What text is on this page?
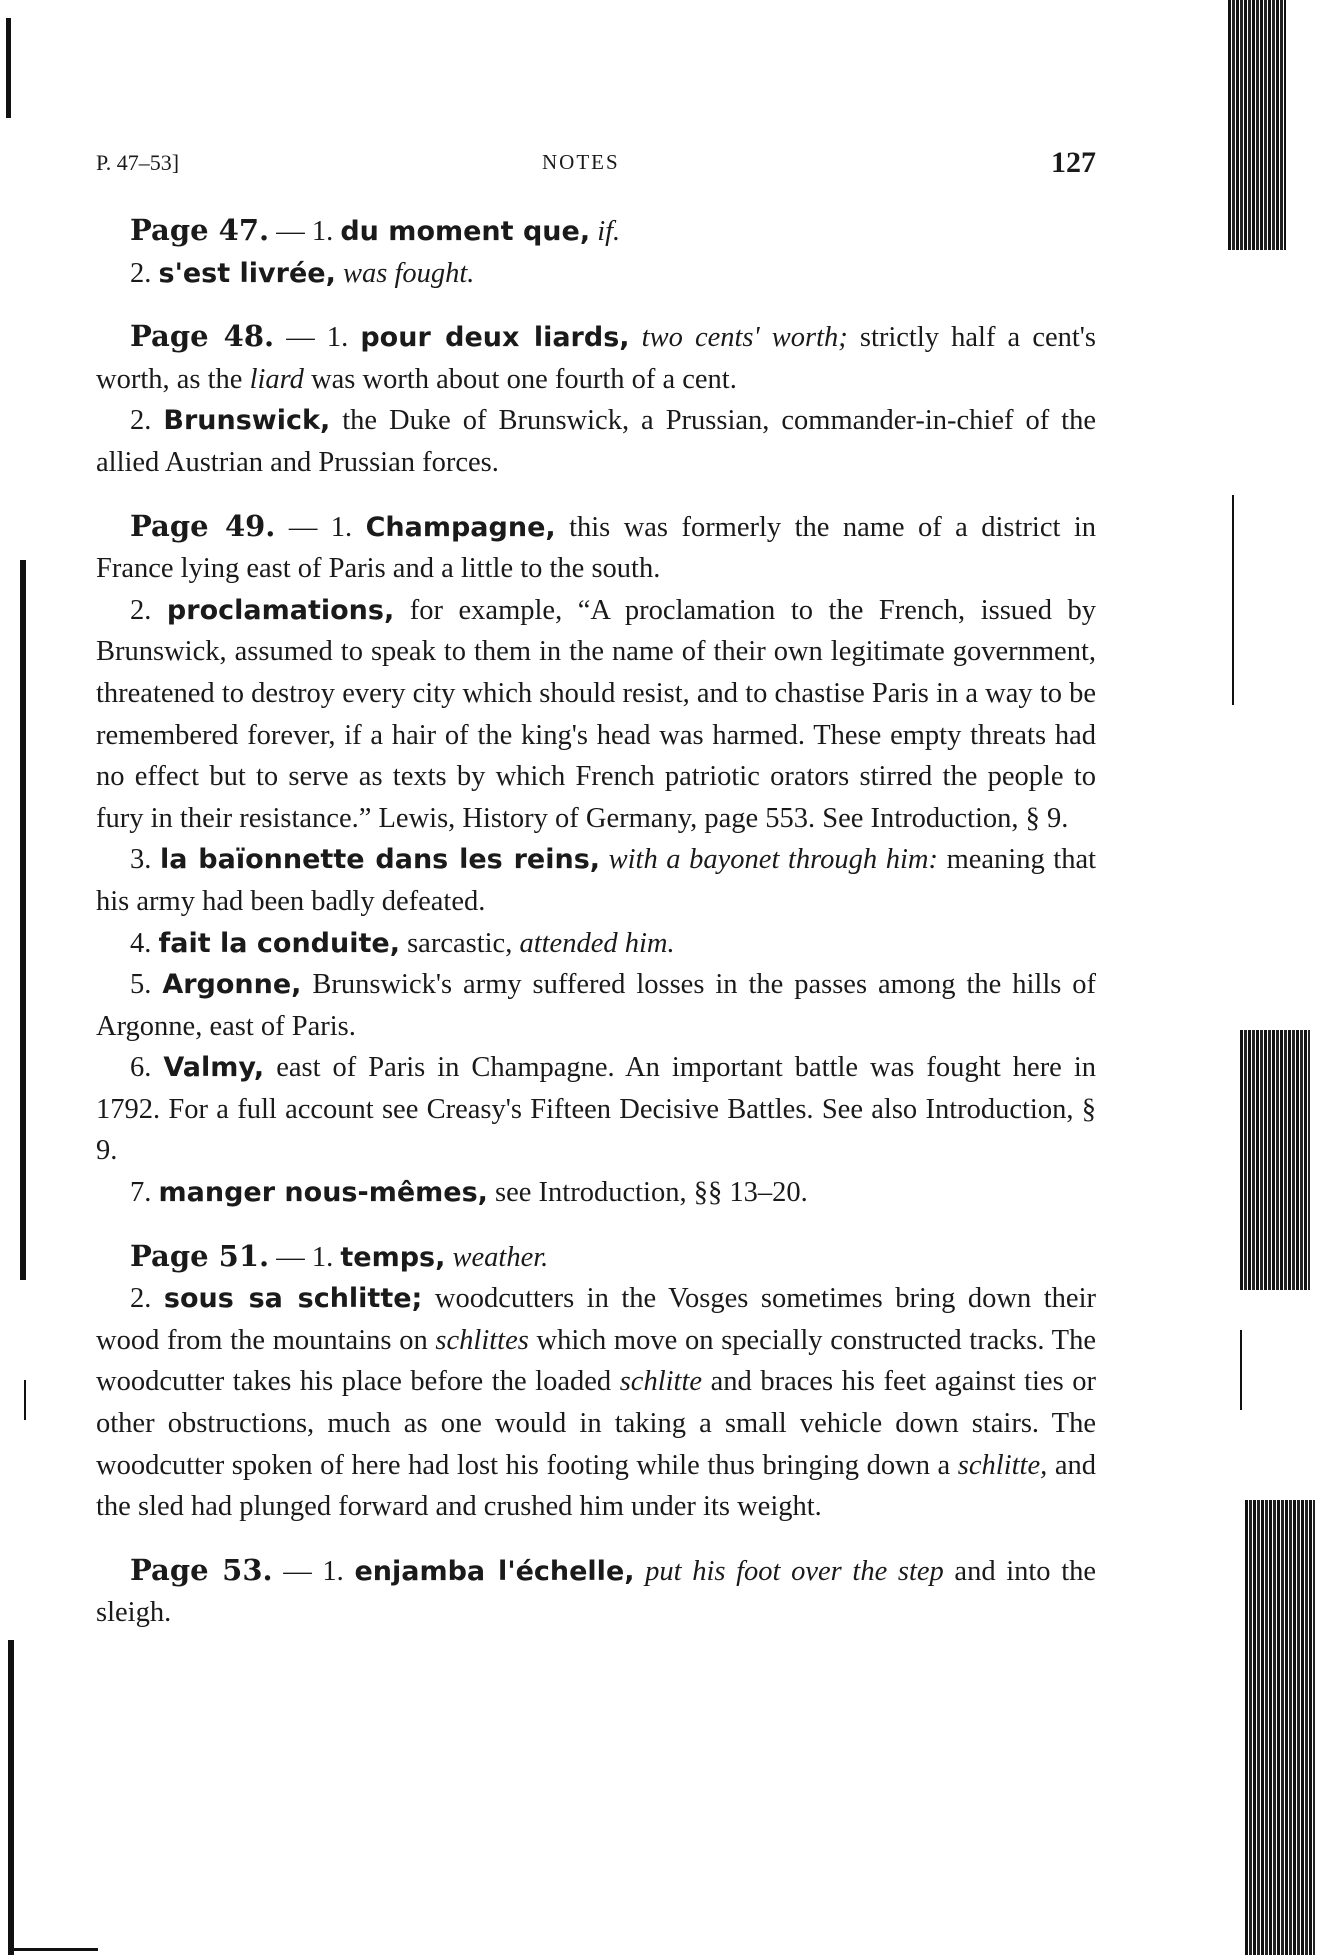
P. 47–53]	NOTES	127

Page 47. — 1. du moment que, if.

2. s'est livrée, was fought.

Page 48. — 1. pour deux liards, two cents' worth; strictly half a cent's worth, as the liard was worth about one fourth of a cent.

2. Brunswick, the Duke of Brunswick, a Prussian, commander-in-chief of the allied Austrian and Prussian forces.

Page 49. — 1. Champagne, this was formerly the name of a district in France lying east of Paris and a little to the south.

2. proclamations, for example, “A proclamation to the French, issued by Brunswick, assumed to speak to them in the name of their own legitimate government, threatened to destroy every city which should resist, and to chastise Paris in a way to be remembered forever, if a hair of the king's head was harmed. These empty threats had no effect but to serve as texts by which French patriotic orators stirred the people to fury in their resistance.” Lewis, History of Germany, page 553. See Introduction, § 9.

3. la baïonnette dans les reins, with a bayonet through him: meaning that his army had been badly defeated.

4. fait la conduite, sarcastic, attended him.

5. Argonne, Brunswick's army suffered losses in the passes among the hills of Argonne, east of Paris.

6. Valmy, east of Paris in Champagne. An important battle was fought here in 1792. For a full account see Creasy's Fifteen Decisive Battles. See also Introduction, § 9.

7. manger nous-mêmes, see Introduction, §§ 13–20.

Page 51. — 1. temps, weather.

2. sous sa schlitte; woodcutters in the Vosges sometimes bring down their wood from the mountains on schlittes which move on specially constructed tracks. The woodcutter takes his place before the loaded schlitte and braces his feet against ties or other obstructions, much as one would in taking a small vehicle down stairs. The woodcutter spoken of here had lost his footing while thus bringing down a schlitte, and the sled had plunged forward and crushed him under its weight.

Page 53. — 1. enjamba l'échelle, put his foot over the step and into the sleigh.
